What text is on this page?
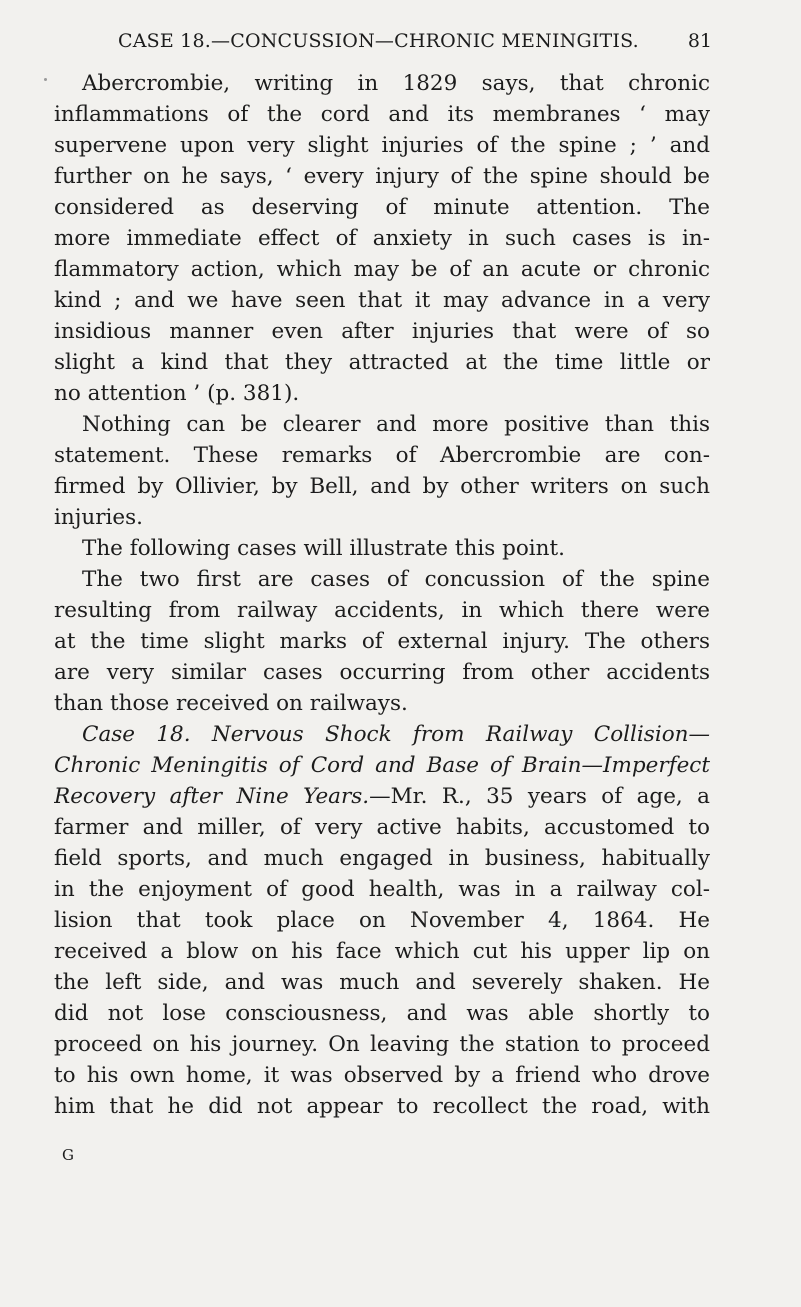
CASE 18.—CONCUSSION—CHRONIC MENINGITIS.	81
Abercrombie, writing in 1829 says, that chronic
inflammations of the cord and its membranes ‘ may
supervene upon very slight injuries of the spine ; ’ and
further on he says, ‘ every injury of the spine should be
considered as deserving of minute attention. The
more immediate effect of anxiety in such cases is in-
flammatory action, which may be of an acute or chronic
kind ; and we have seen that it may advance in a very
insidious manner even after injuries that were of so
slight a kind that they attracted at the time little or
no attention ’ (p. 381).
Nothing can be clearer and more positive than this
statement. These remarks of Abercrombie are con-
firmed by Ollivier, by Bell, and by other writers on such
injuries.
The following cases will illustrate this point.
The two first are cases of concussion of the spine
resulting from railway accidents, in which there were
at the time slight marks of external injury. The others
are very similar cases occurring from other accidents
than those received on railways.
Case 18. Nervous Shock from Railway Collision—
Chronic Meningitis of Cord and Base of Brain—Imperfect
Recovery after Nine Years.—Mr. R., 35 years of age, a
farmer and miller, of very active habits, accustomed to
field sports, and much engaged in business, habitually
in the enjoyment of good health, was in a railway col-
lision that took place on November 4, 1864. He
received a blow on his face which cut his upper lip on
the left side, and was much and severely shaken. He
did not lose consciousness, and was able shortly to
proceed on his journey. On leaving the station to proceed
to his own home, it was observed by a friend who drove
him that he did not appear to recollect the road, with
G
